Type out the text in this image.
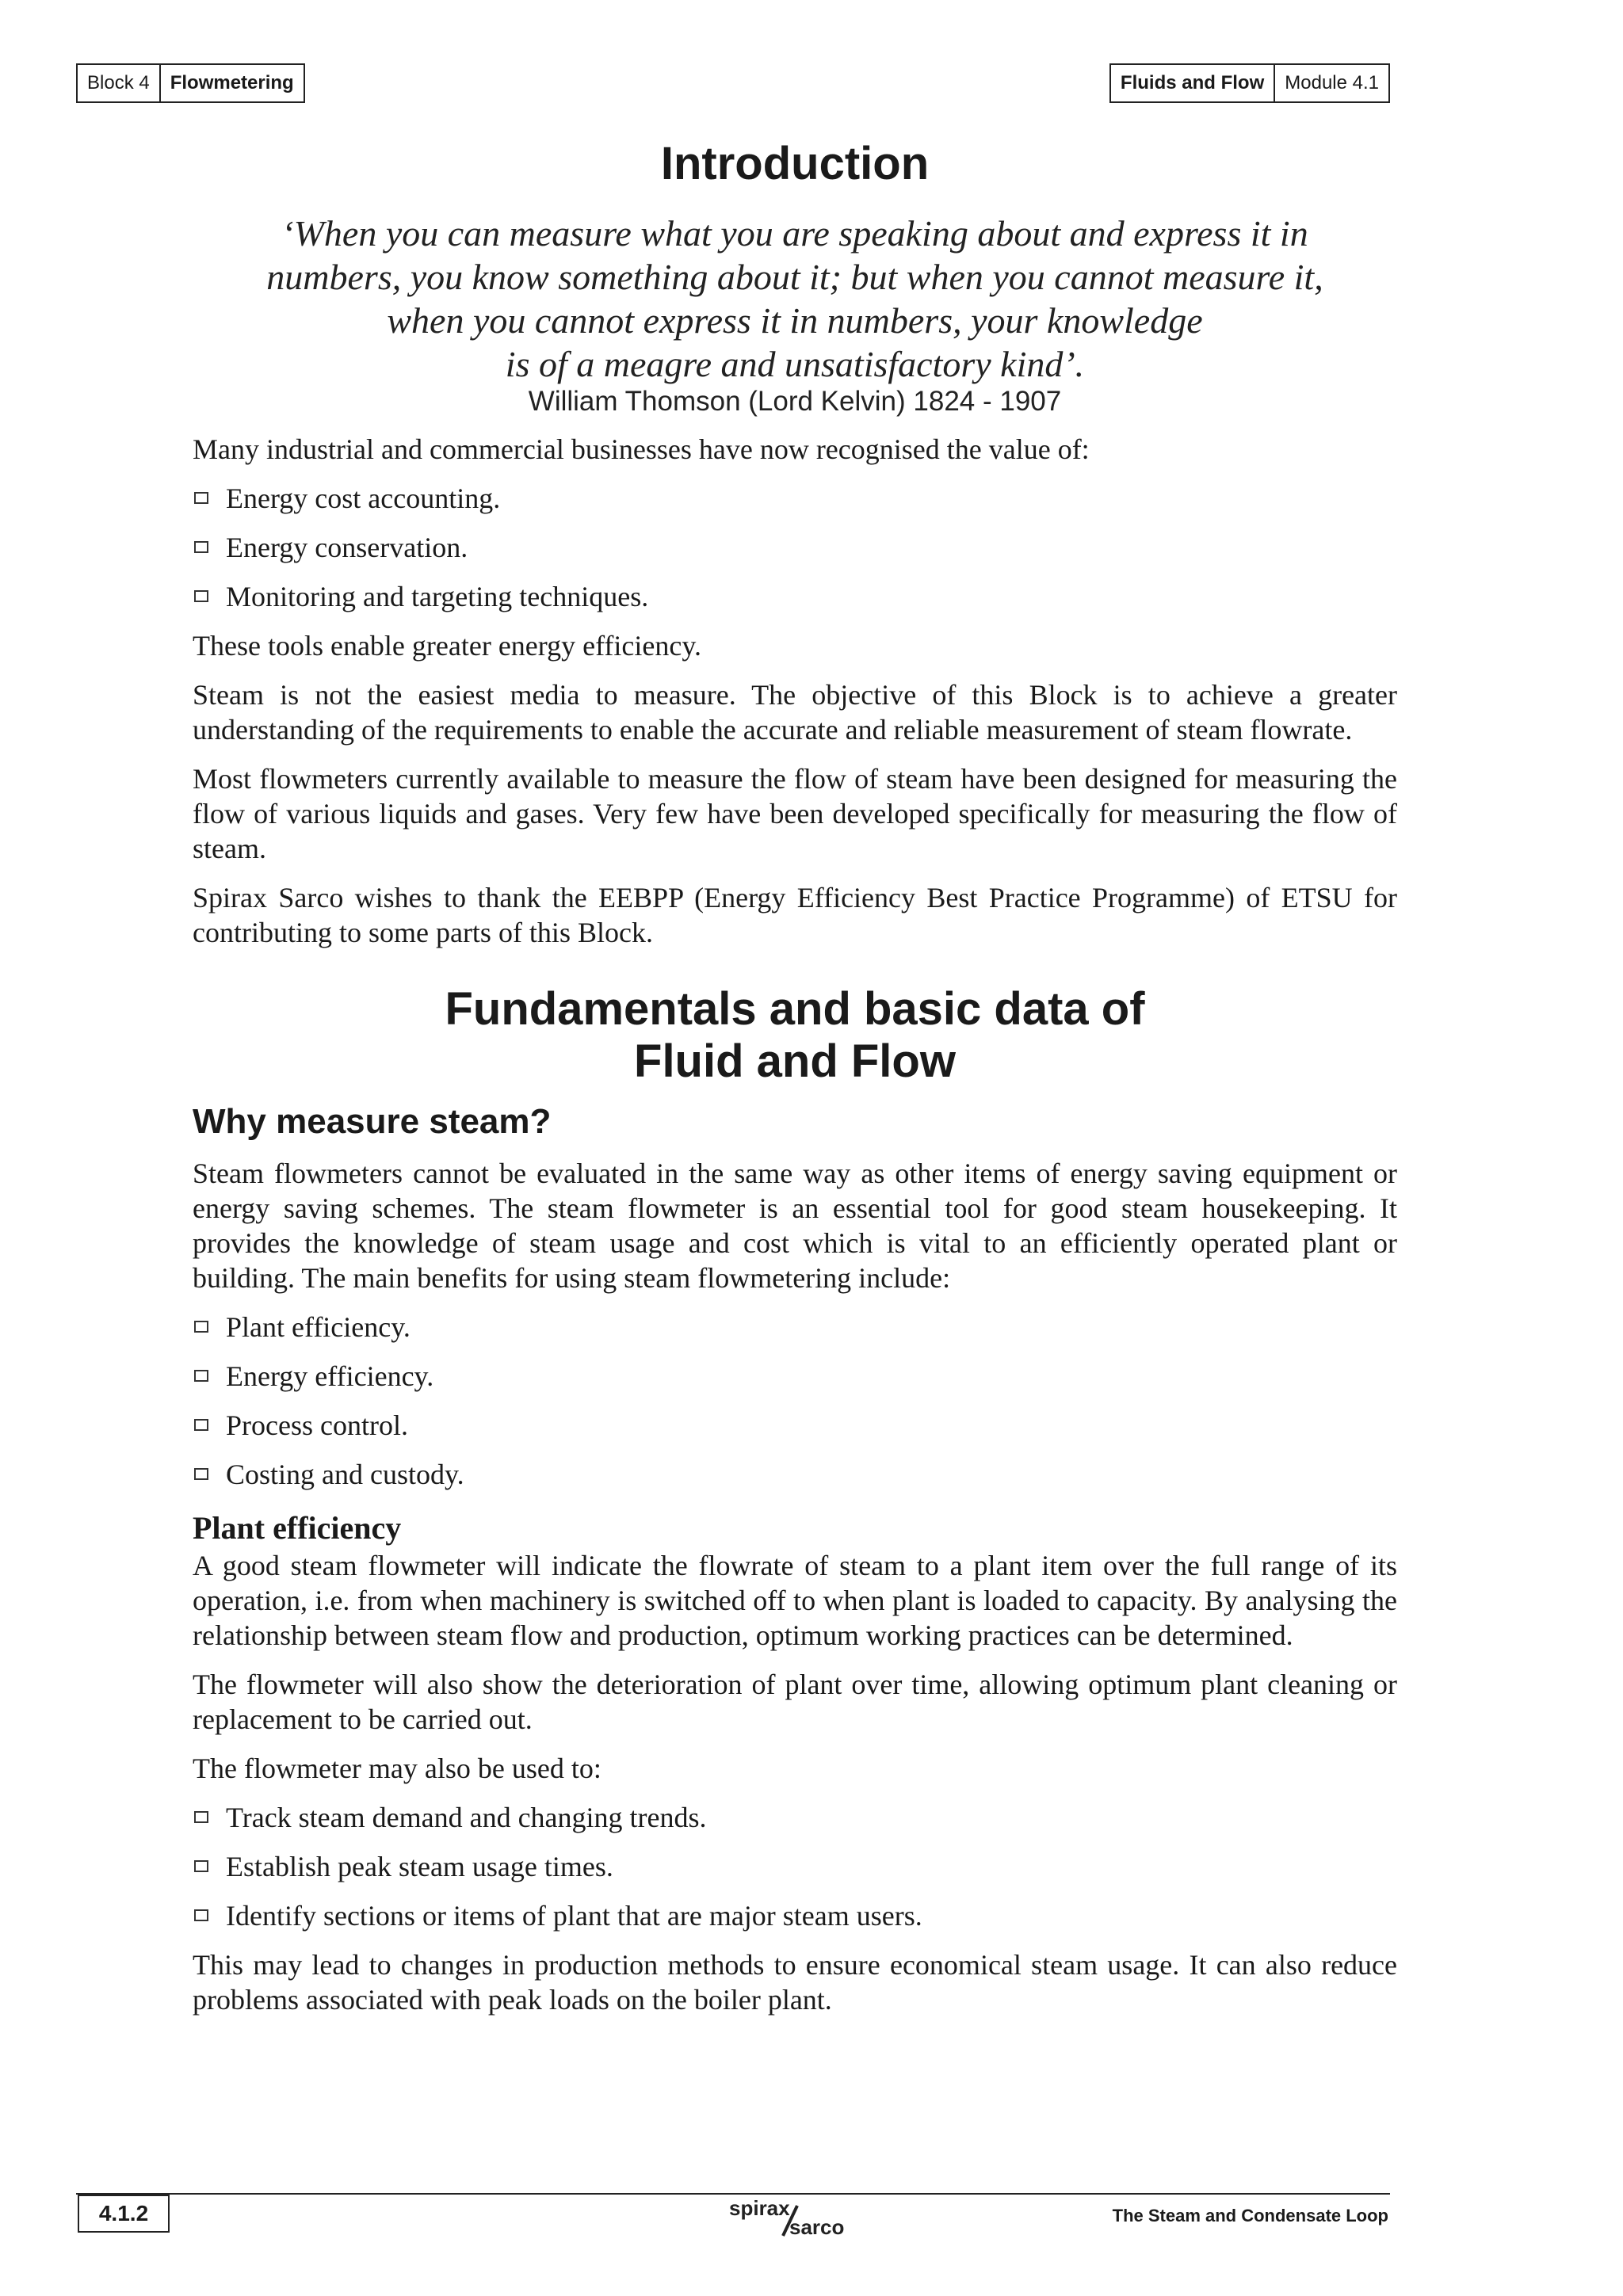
Block 4	Flowmetering	Fluids and Flow	Module 4.1
Introduction
‘When you can measure what you are speaking about and express it in
numbers, you know something about it; but when you cannot measure it,
when you cannot express it in numbers, your knowledge
is of a meagre and unsatisfactory kind’.
William Thomson (Lord Kelvin) 1824 - 1907

Many industrial and commercial businesses have now recognised the value of:

Energy cost accounting.
Energy conservation.
Monitoring and targeting techniques.

These tools enable greater energy efficiency.

Steam is not the easiest media to measure. The objective of this Block is to achieve a greater understanding of the requirements to enable the accurate and reliable measurement of steam flowrate.

Most flowmeters currently available to measure the flow of steam have been designed for measuring the flow of various liquids and gases. Very few have been developed specifically for measuring the flow of steam.

Spirax Sarco wishes to thank the EEBPP (Energy Efficiency Best Practice Programme) of ETSU for contributing to some parts of this Block.

Fundamentals and basic data of
Fluid and Flow
Why measure steam?

Steam flowmeters cannot be evaluated in the same way as other items of energy saving equipment or energy saving schemes. The steam flowmeter is an essential tool for good steam housekeeping. It provides the knowledge of steam usage and cost which is vital to an efficiently operated plant or building. The main benefits for using steam flowmetering include:

Plant efficiency.
Energy efficiency.
Process control.
Costing and custody.
Plant efficiency

A good steam flowmeter will indicate the flowrate of steam to a plant item over the full range of its operation, i.e. from when machinery is switched off to when plant is loaded to capacity. By analysing the relationship between steam flow and production, optimum working practices can be determined.

The flowmeter will also show the deterioration of plant over time, allowing optimum plant cleaning or replacement to be carried out.

The flowmeter may also be used to:

Track steam demand and changing trends.
Establish peak steam usage times.
Identify sections or items of plant that are major steam users.

This may lead to changes in production methods to ensure economical steam usage. It can also reduce problems associated with peak loads on the boiler plant.

4.1.2	spirax
sarco	The Steam and Condensate Loop
